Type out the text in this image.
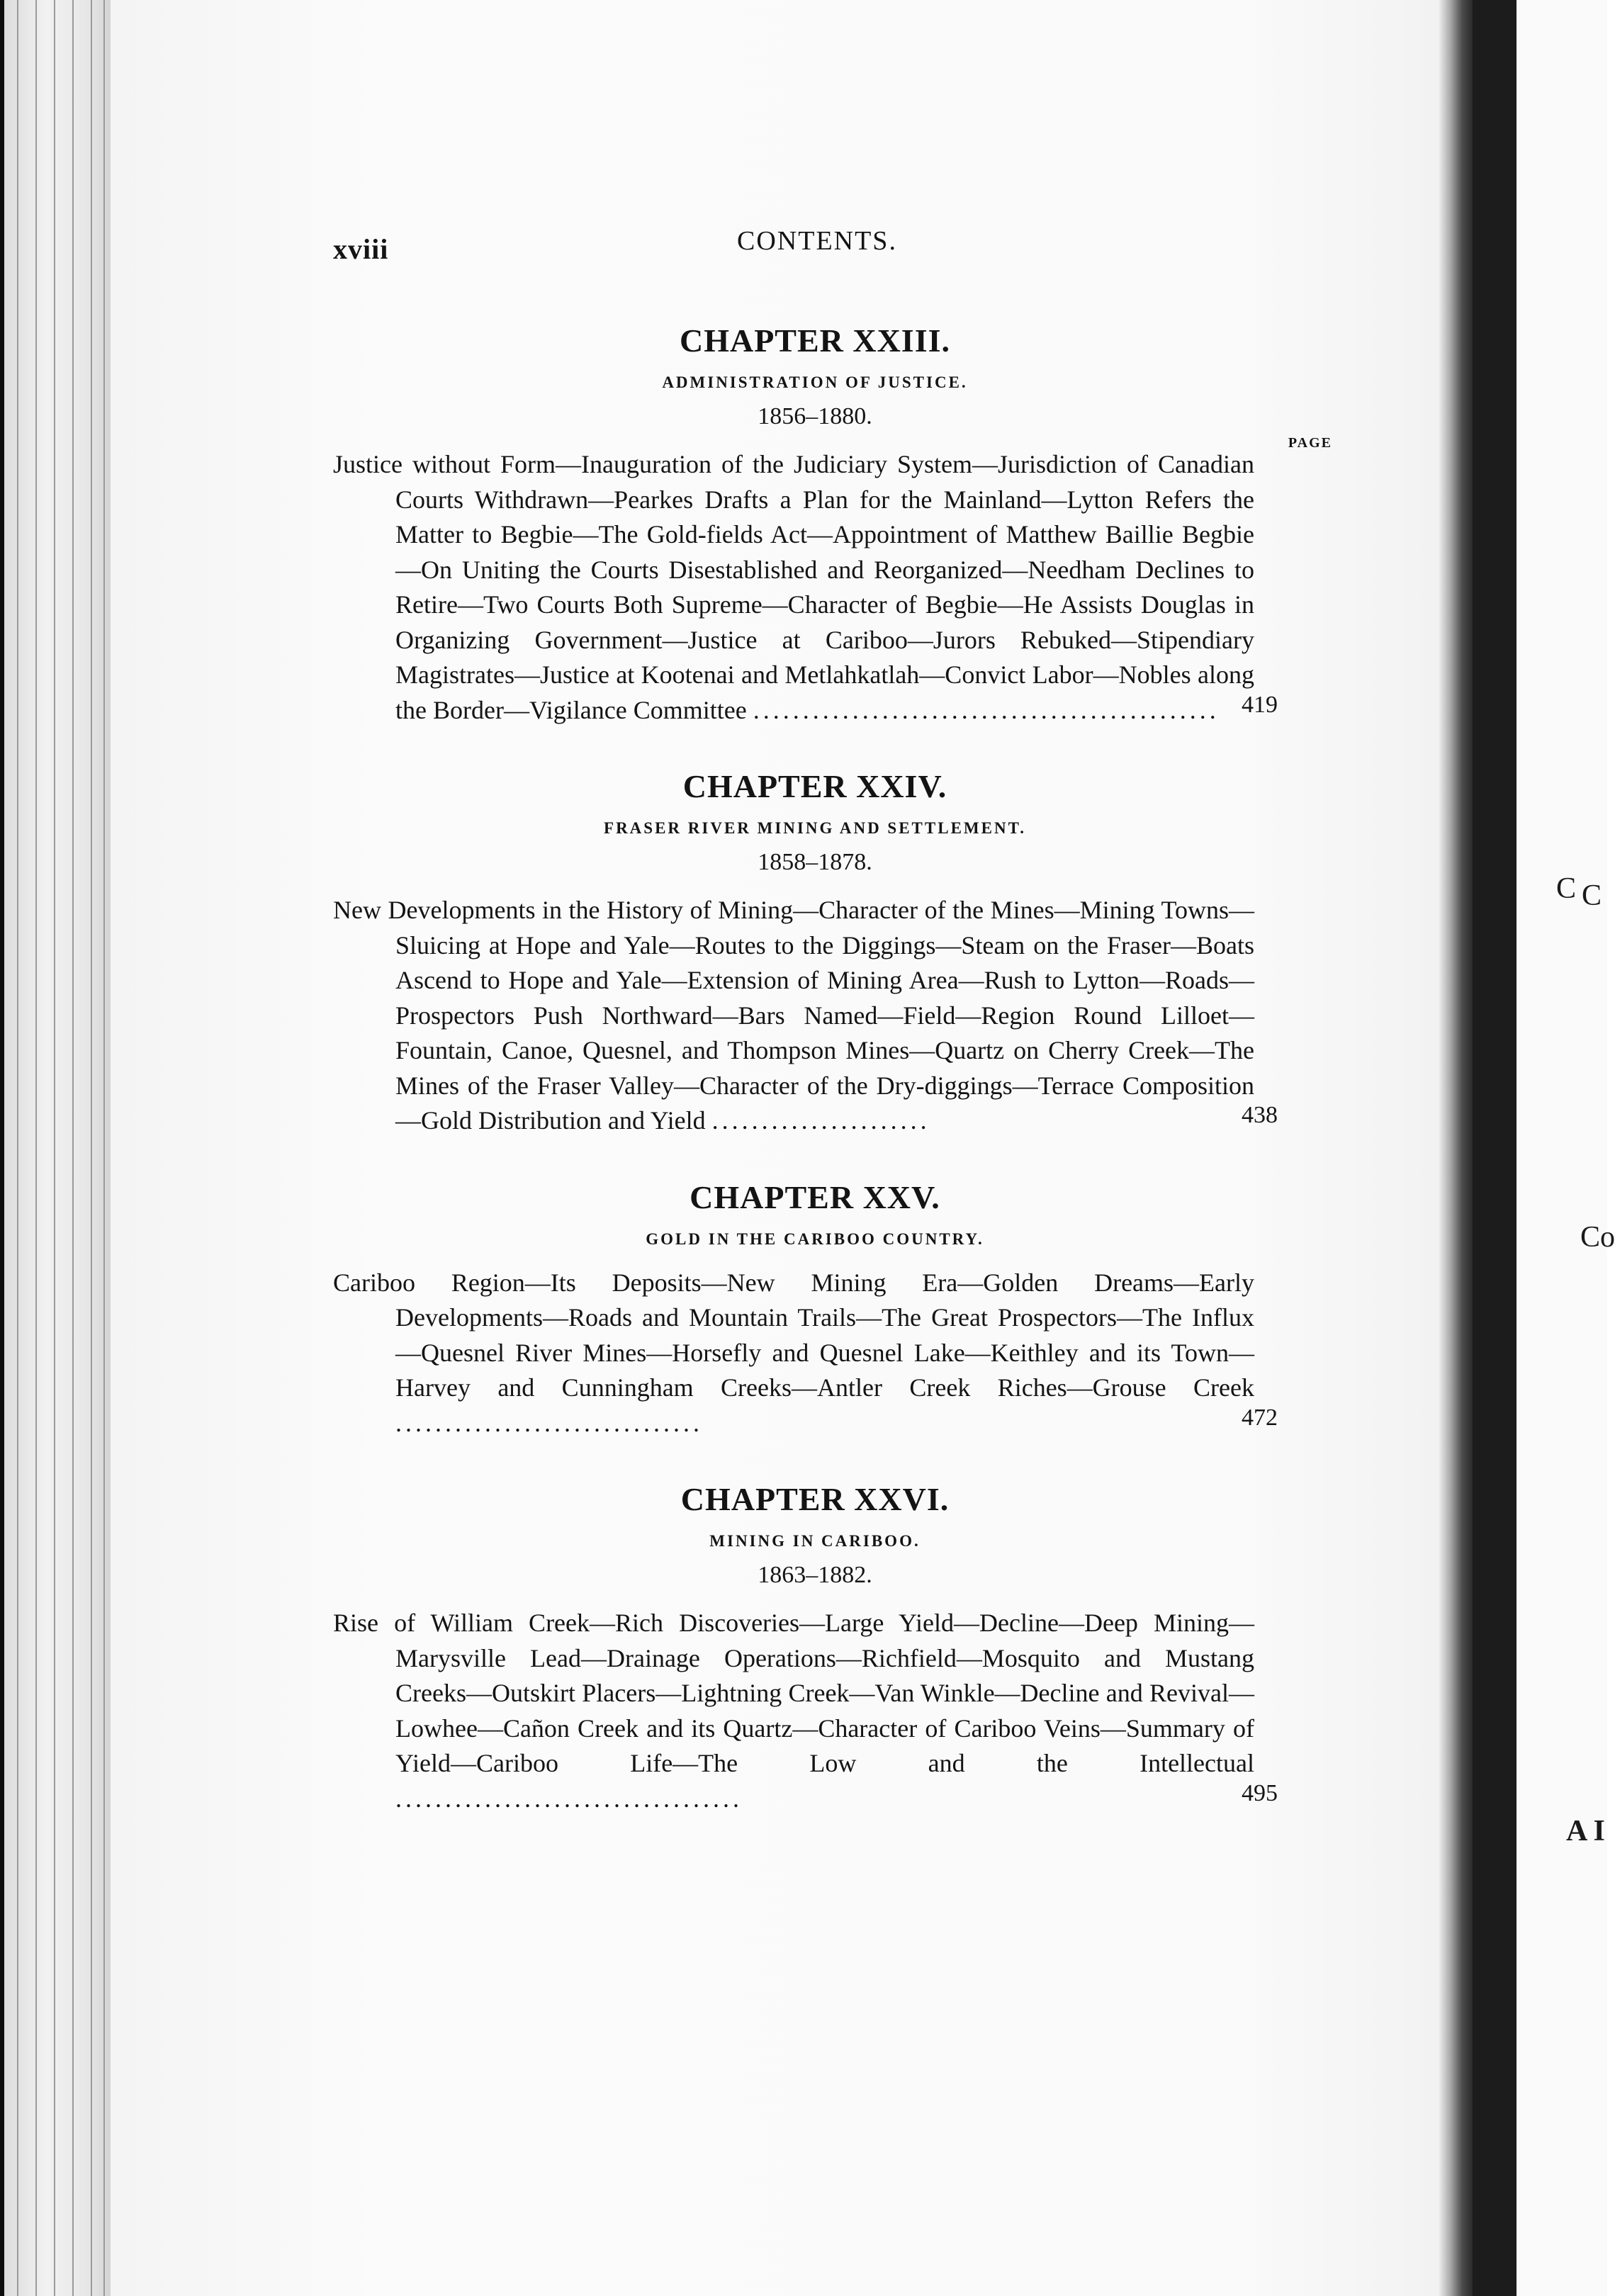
C C
Co
A I
xviii	CONTENTS.
CHAPTER XXIII.
ADMINISTRATION OF JUSTICE.
1856–1880.
PAGE
Justice without Form—Inauguration of the Judiciary System—Jurisdiction of Canadian Courts Withdrawn—Pearkes Drafts a Plan for the Mainland—Lytton Refers the Matter to Begbie—The Gold-fields Act—Appointment of Matthew Baillie Begbie—On Uniting the Courts Disestablished and Reorganized—Needham Declines to Retire—Two Courts Both Supreme—Character of Begbie—He Assists Douglas in Organizing Government—Justice at Cariboo—Jurors Rebuked—Stipendiary Magistrates—Justice at Kootenai and Metlahkatlah—Convict Labor—Nobles along the Border—Vigilance Committee ............................................... 419
CHAPTER XXIV.
FRASER RIVER MINING AND SETTLEMENT.
1858–1878.
New Developments in the History of Mining—Character of the Mines—Mining Towns—Sluicing at Hope and Yale—Routes to the Diggings—Steam on the Fraser—Boats Ascend to Hope and Yale—Extension of Mining Area—Rush to Lytton—Roads—Prospectors Push Northward—Bars Named—Field—Region Round Lilloet—Fountain, Canoe, Quesnel, and Thompson Mines—Quartz on Cherry Creek—The Mines of the Fraser Valley—Character of the Dry-diggings—Terrace Composition—Gold Distribution and Yield ......................	438
CHAPTER XXV.
GOLD IN THE CARIBOO COUNTRY.
Cariboo Region—Its Deposits—New Mining Era—Golden Dreams—Early Developments—Roads and Mountain Trails—The Great Prospectors—The Influx—Quesnel River Mines—Horsefly and Quesnel Lake—Keithley and its Town—Harvey and Cunningham Creeks—Antler Creek Riches—Grouse Creek ...............................	472
CHAPTER XXVI.
MINING IN CARIBOO.
1863–1882.
Rise of William Creek—Rich Discoveries—Large Yield—Decline—Deep Mining—Marysville Lead—Drainage Operations—Richfield—Mosquito and Mustang Creeks—Outskirt Placers—Lightning Creek—Van Winkle—Decline and Revival—Lowhee—Cañon Creek and its Quartz—Character of Cariboo Veins—Summary of Yield—Cariboo Life—The Low and the Intellectual ...................................	495
